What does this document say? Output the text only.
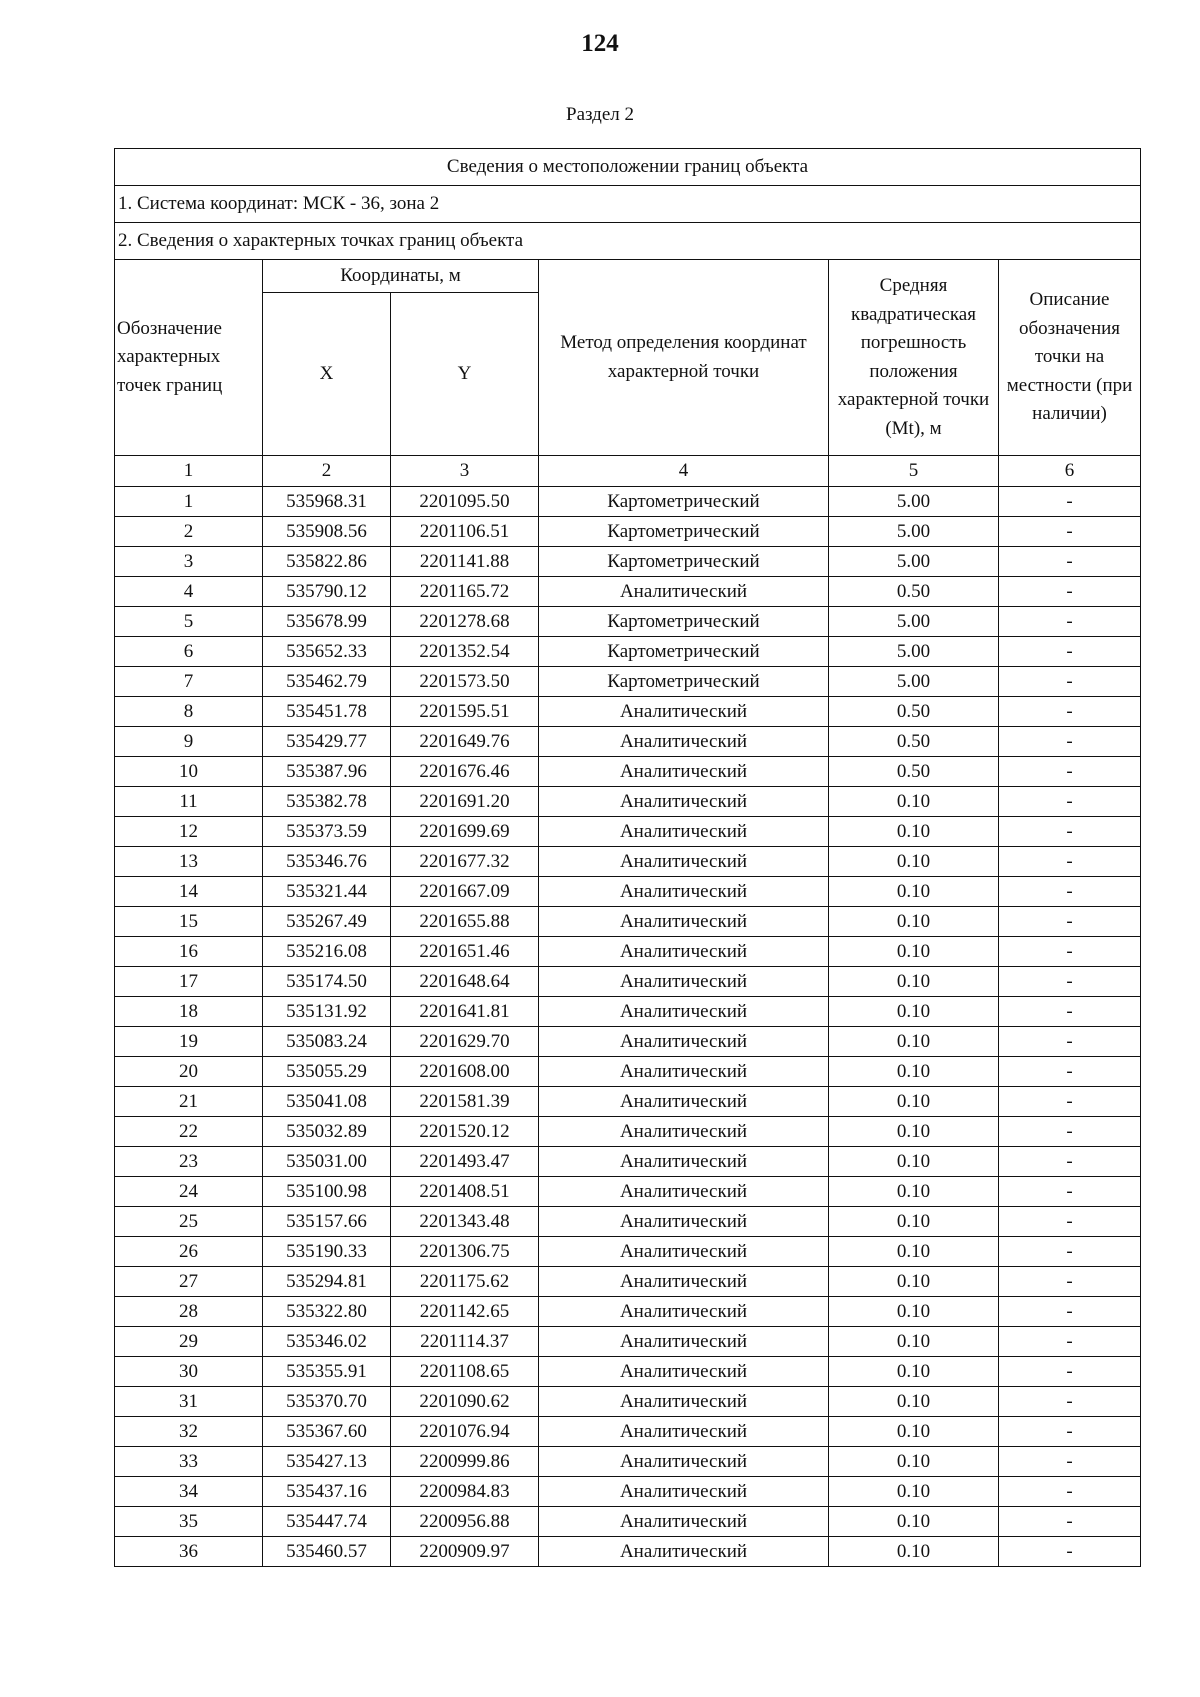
124
Раздел 2
Сведения о местоположении границ объекта					
1. Система координат: МСК - 36, зона 2					
2. Сведения о характерных точках границ объекта					
Обозначение характерных точек границ	Координаты, м		Метод определения координат характерной точки	Средняя квадратическая погрешность положения характерной точки (Mt), м	Описание обозначения точки на местности (при наличии)
	X	Y			
1	2	3	4	5	6
1	535968.31	2201095.50	Картометрический	5.00	-
2	535908.56	2201106.51	Картометрический	5.00	-
3	535822.86	2201141.88	Картометрический	5.00	-
4	535790.12	2201165.72	Аналитический	0.50	-
5	535678.99	2201278.68	Картометрический	5.00	-
6	535652.33	2201352.54	Картометрический	5.00	-
7	535462.79	2201573.50	Картометрический	5.00	-
8	535451.78	2201595.51	Аналитический	0.50	-
9	535429.77	2201649.76	Аналитический	0.50	-
10	535387.96	2201676.46	Аналитический	0.50	-
11	535382.78	2201691.20	Аналитический	0.10	-
12	535373.59	2201699.69	Аналитический	0.10	-
13	535346.76	2201677.32	Аналитический	0.10	-
14	535321.44	2201667.09	Аналитический	0.10	-
15	535267.49	2201655.88	Аналитический	0.10	-
16	535216.08	2201651.46	Аналитический	0.10	-
17	535174.50	2201648.64	Аналитический	0.10	-
18	535131.92	2201641.81	Аналитический	0.10	-
19	535083.24	2201629.70	Аналитический	0.10	-
20	535055.29	2201608.00	Аналитический	0.10	-
21	535041.08	2201581.39	Аналитический	0.10	-
22	535032.89	2201520.12	Аналитический	0.10	-
23	535031.00	2201493.47	Аналитический	0.10	-
24	535100.98	2201408.51	Аналитический	0.10	-
25	535157.66	2201343.48	Аналитический	0.10	-
26	535190.33	2201306.75	Аналитический	0.10	-
27	535294.81	2201175.62	Аналитический	0.10	-
28	535322.80	2201142.65	Аналитический	0.10	-
29	535346.02	2201114.37	Аналитический	0.10	-
30	535355.91	2201108.65	Аналитический	0.10	-
31	535370.70	2201090.62	Аналитический	0.10	-
32	535367.60	2201076.94	Аналитический	0.10	-
33	535427.13	2200999.86	Аналитический	0.10	-
34	535437.16	2200984.83	Аналитический	0.10	-
35	535447.74	2200956.88	Аналитический	0.10	-
36	535460.57	2200909.97	Аналитический	0.10	-
